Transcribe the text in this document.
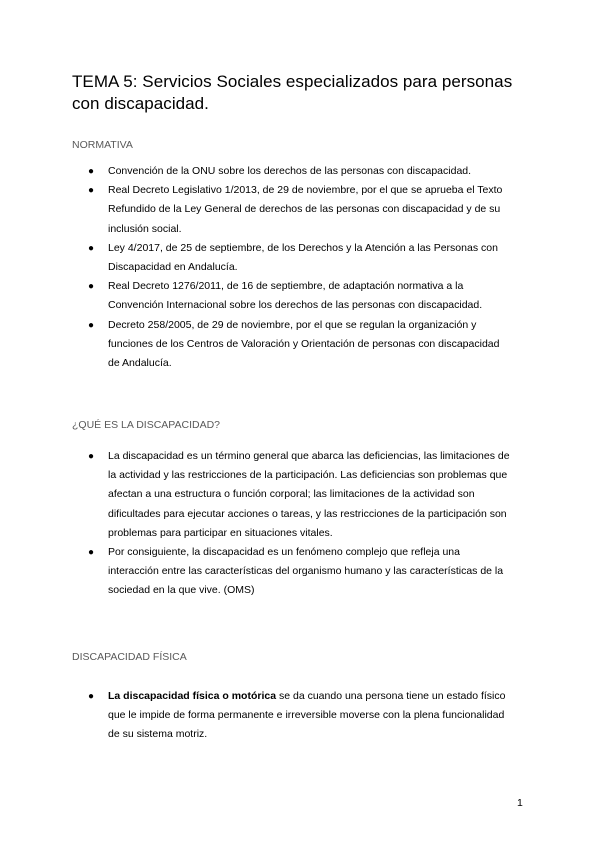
TEMA 5: Servicios Sociales especializados para personas con discapacidad.
NORMATIVA
● Convención de la ONU sobre los derechos de las personas con discapacidad.
● Real Decreto Legislativo 1/2013, de 29 de noviembre, por el que se aprueba el Texto Refundido de la Ley General de derechos de las personas con discapacidad y de su inclusión social.
● Ley 4/2017, de 25 de septiembre, de los Derechos y la Atención a las Personas con Discapacidad en Andalucía.
● Real Decreto 1276/2011, de 16 de septiembre, de adaptación normativa a la Convención Internacional sobre los derechos de las personas con discapacidad.
● Decreto 258/2005, de 29 de noviembre, por el que se regulan la organización y funciones de los Centros de Valoración y Orientación de personas con discapacidad de Andalucía.
¿QUÉ ES LA DISCAPACIDAD?
● La discapacidad es un término general que abarca las deficiencias, las limitaciones de la actividad y las restricciones de la participación. Las deficiencias son problemas que afectan a una estructura o función corporal; las limitaciones de la actividad son dificultades para ejecutar acciones o tareas, y las restricciones de la participación son problemas para participar en situaciones vitales.
● Por consiguiente, la discapacidad es un fenómeno complejo que refleja una interacción entre las características del organismo humano y las características de la sociedad en la que vive. (OMS)
DISCAPACIDAD FÍSICA
● La discapacidad física o motórica se da cuando una persona tiene un estado físico que le impide de forma permanente e irreversible moverse con la plena funcionalidad de su sistema motriz.
1
